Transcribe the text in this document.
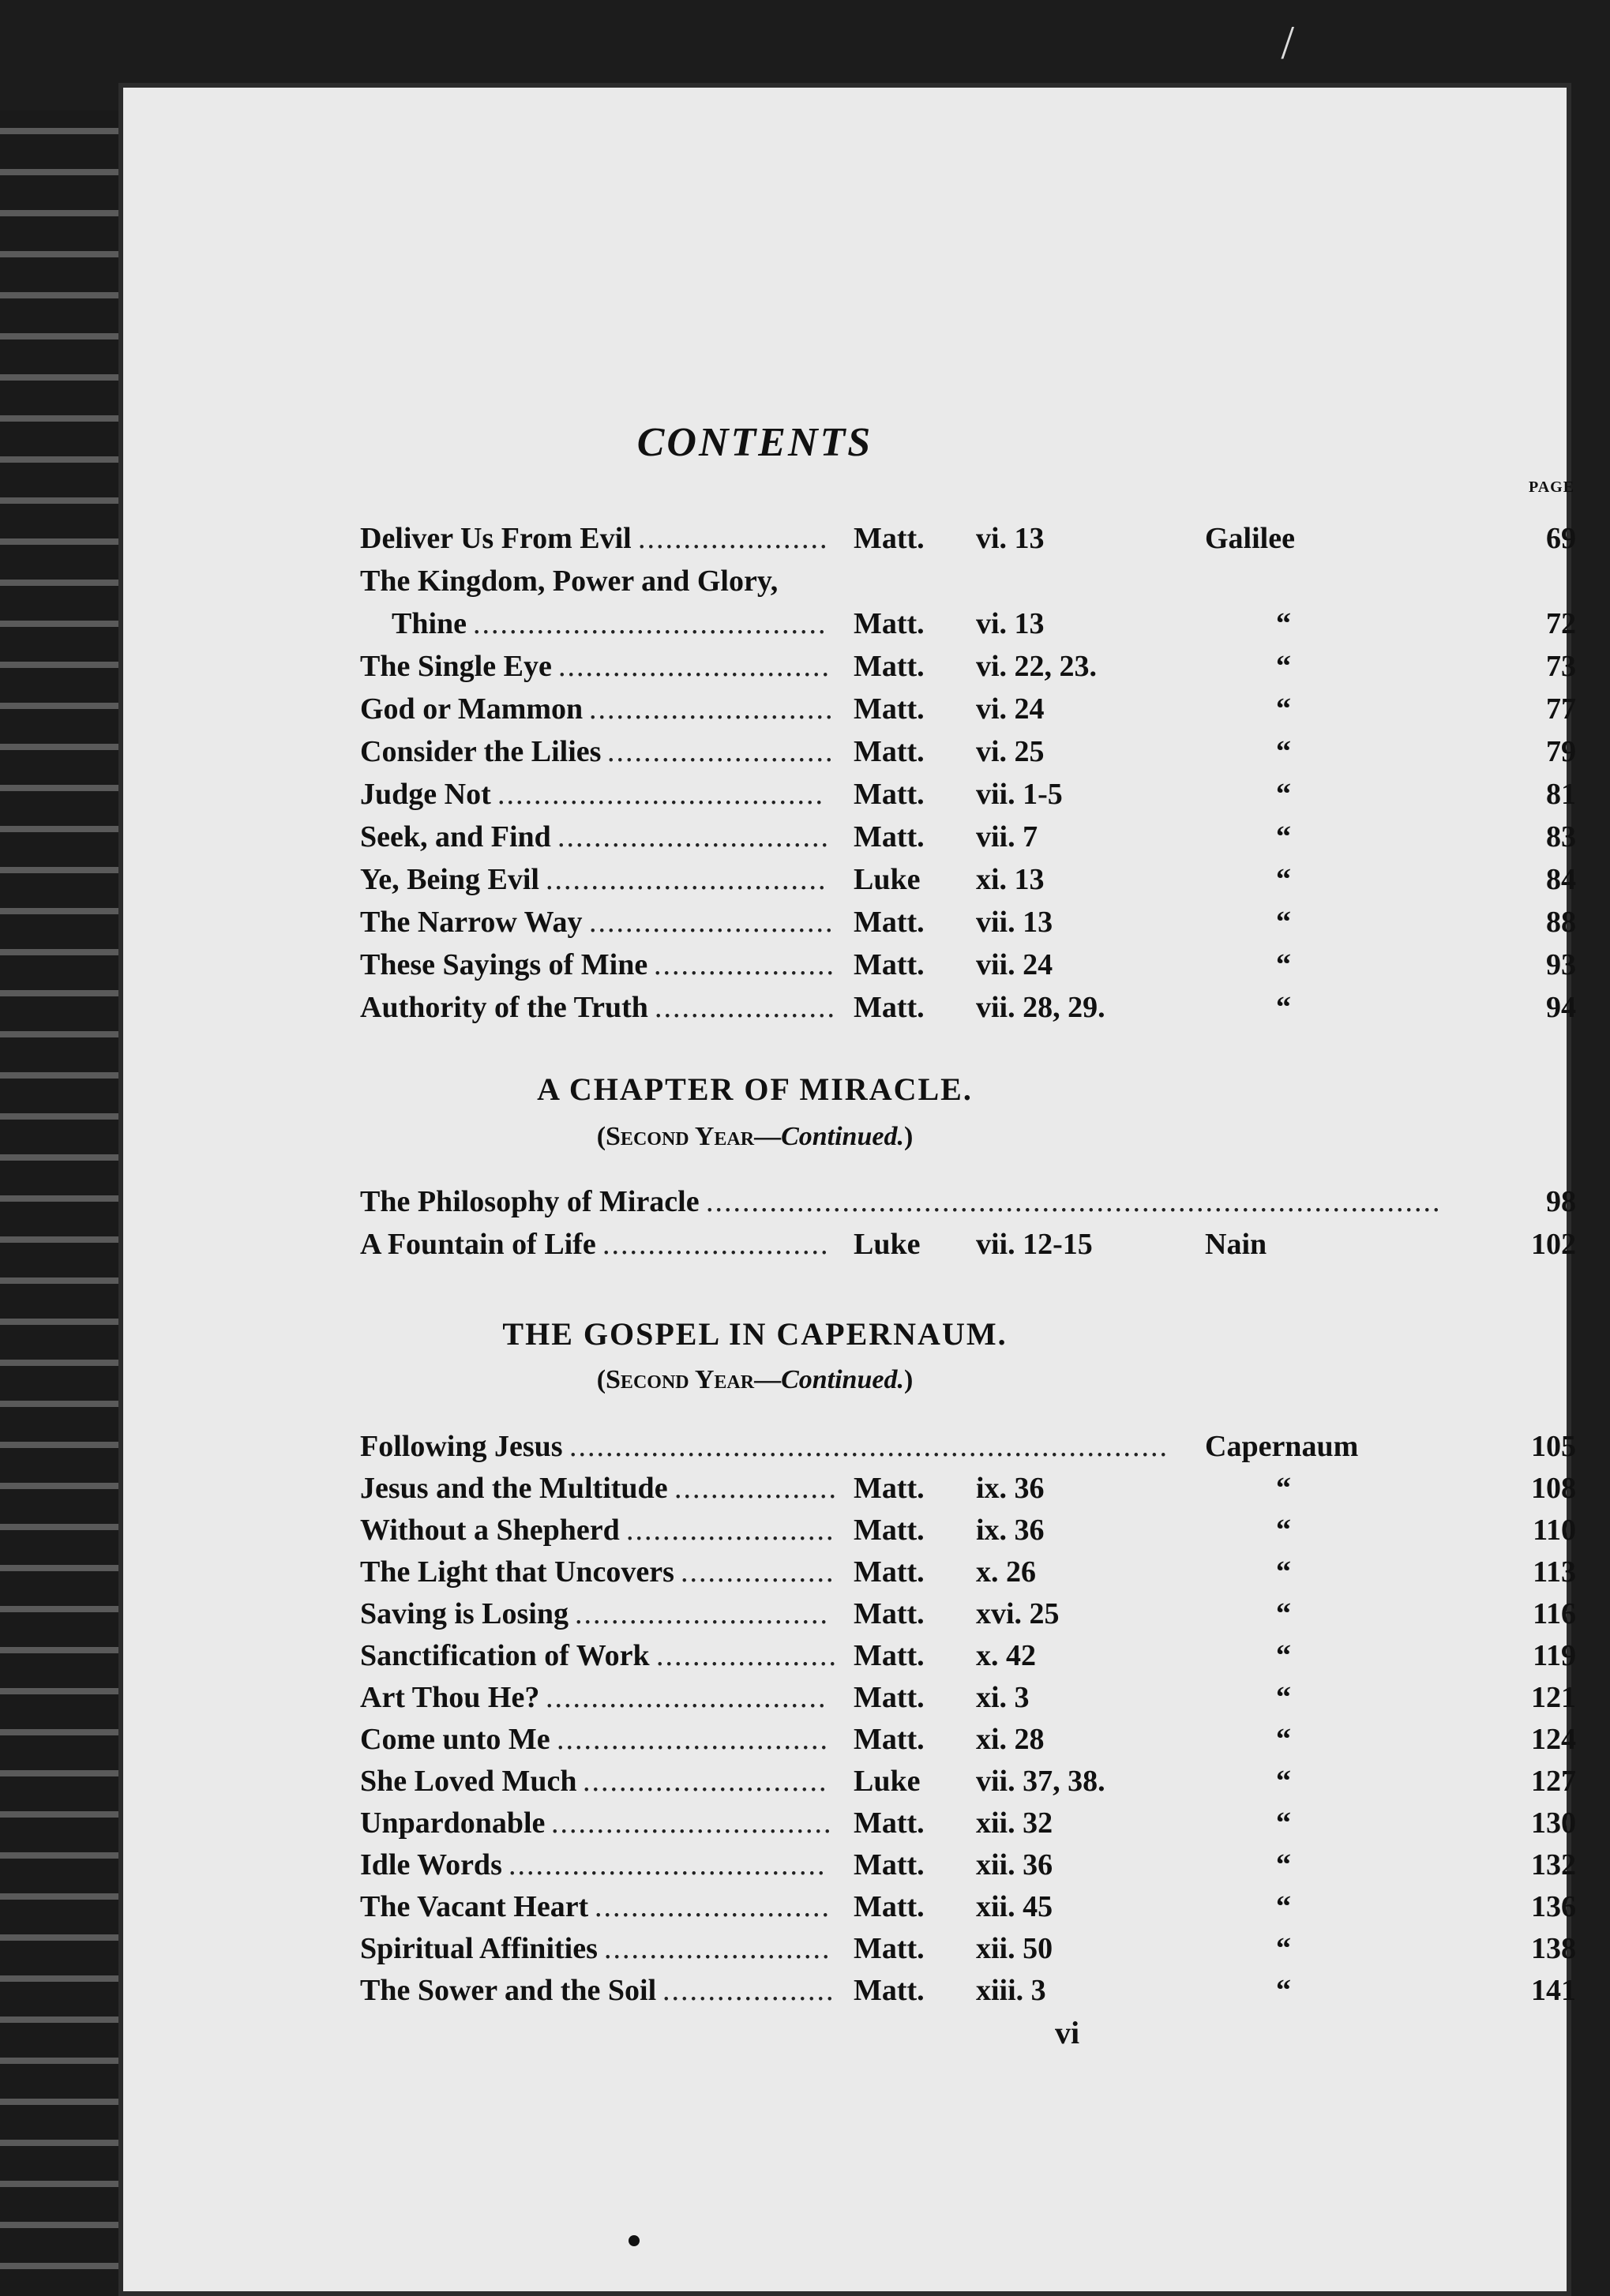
/
CONTENTS
PAGE
Deliver Us From Evil ..................... Matt. vi. 13	Galilee	69
The Kingdom, Power and Glory,
Thine ....................................... Matt. vi. 13	“	72
The Single Eye .............................. Matt. vi. 22, 23.	“	73
God or Mammon ........................... Matt. vi. 24	“	77
Consider the Lilies ......................... Matt. vi. 25	“	79
Judge Not .................................... Matt. vii. 1-5	“	81
Seek, and Find .............................. Matt. vii. 7	“	83
Ye, Being Evil ............................... Luke xi. 13	“	84
The Narrow Way ........................... Matt. vii. 13	“	88
These Sayings of Mine .................... Matt. vii. 24	“	93
Authority of the Truth .................... Matt. vii. 28, 29.	“	94
A CHAPTER OF MIRACLE.
(Second Year—Continued.)
The Philosophy of Miracle .................................................................................	98
A Fountain of Life ......................... Luke vii. 12-15	Nain	102
THE GOSPEL IN CAPERNAUM.
(Second Year—Continued.)
Following Jesus ..................................................................	Capernaum	105
Jesus and the Multitude .................. Matt. ix. 36	“	108
Without a Shepherd ....................... Matt. ix. 36	“	110
The Light that Uncovers ................. Matt. x. 26	“	113
Saving is Losing ............................ Matt. xvi. 25	“	116
Sanctification of Work .................... Matt. x. 42	“	119
Art Thou He? ............................... Matt. xi. 3	“	121
Come unto Me .............................. Matt. xi. 28	“	124
She Loved Much ........................... Luke vii. 37, 38.	“	127
Unpardonable ............................... Matt. xii. 32	“	130
Idle Words ................................... Matt. xii. 36	“	132
The Vacant Heart .......................... Matt. xii. 45	“	136
Spiritual Affinities ......................... Matt. xii. 50	“	138
The Sower and the Soil ................... Matt. xiii. 3	“	141
vi
